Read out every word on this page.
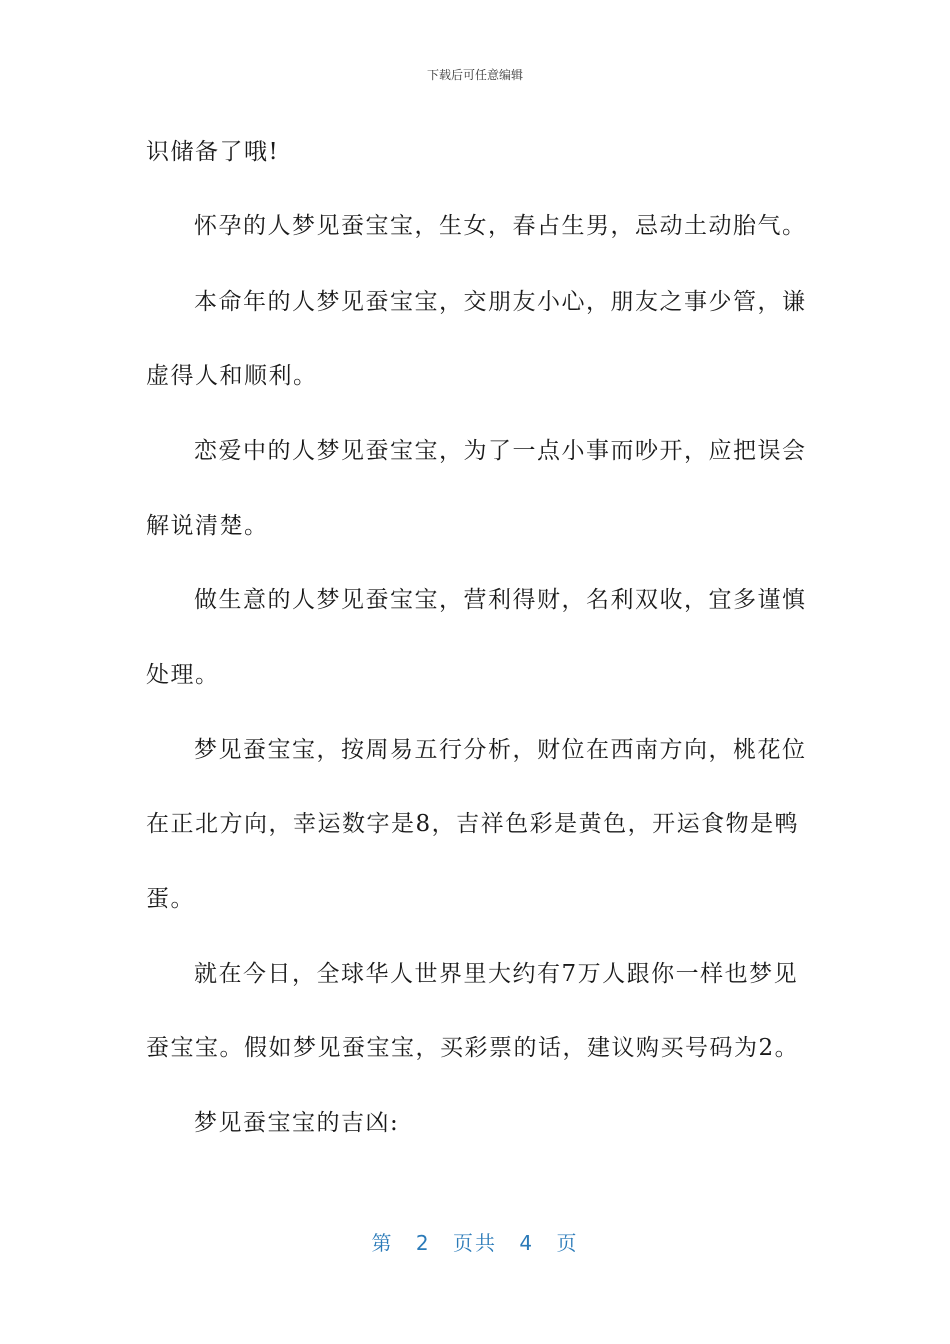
下载后可任意编辑
识储备了哦!
怀孕的人梦见蚕宝宝，生女，春占生男，忌动土动胎气。
本命年的人梦见蚕宝宝，交朋友小心，朋友之事少管，谦
虚得人和顺利。
恋爱中的人梦见蚕宝宝，为了一点小事而吵开，应把误会
解说清楚。
做生意的人梦见蚕宝宝，营利得财，名利双收，宜多谨慎
处理。
梦见蚕宝宝，按周易五行分析，财位在西南方向，桃花位
在正北方向，幸运数字是8，吉祥色彩是黄色，开运食物是鸭
蛋。
就在今日，全球华人世界里大约有7万人跟你一样也梦见
蚕宝宝。假如梦见蚕宝宝，买彩票的话，建议购买号码为2。
梦见蚕宝宝的吉凶:
第 2 页共 4 页
